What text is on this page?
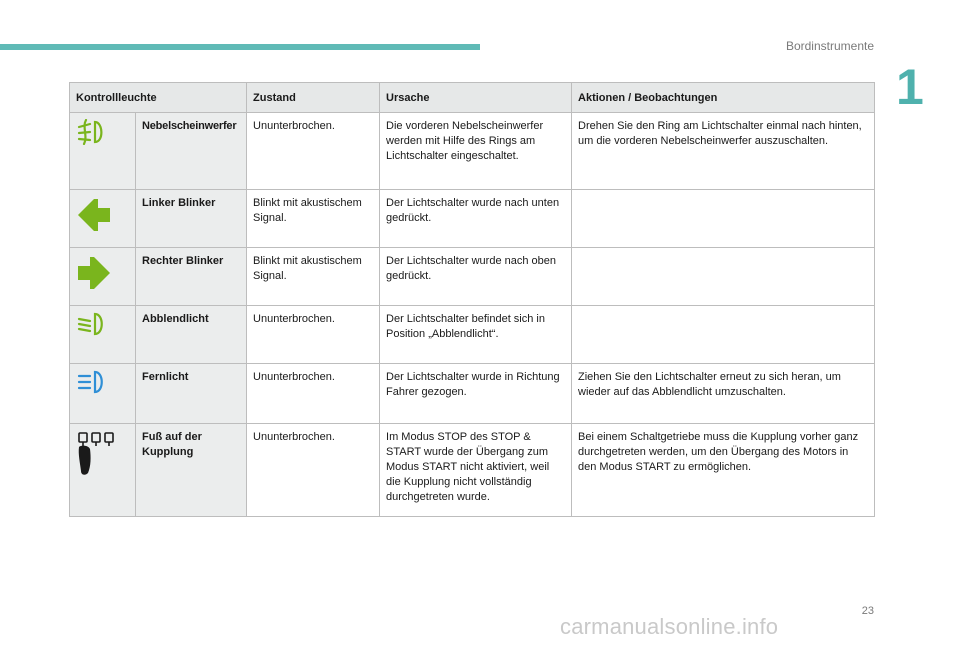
Bordinstrumente
1
Kontrollleuchte		Zustand	Ursache	Aktionen / Beobachtungen
	Nebelscheinwerfer	Ununterbrochen.	Die vorderen Nebelscheinwerfer werden mit Hilfe des Rings am Lichtschalter eingeschaltet.	Drehen Sie den Ring am Lichtschalter einmal nach hinten, um die vorderen Nebelscheinwerfer auszuschalten.
	Linker Blinker	Blinkt mit akustischem Signal.	Der Lichtschalter wurde nach unten gedrückt.	
	Rechter Blinker	Blinkt mit akustischem Signal.	Der Lichtschalter wurde nach oben gedrückt.	
	Abblendlicht	Ununterbrochen.	Der Lichtschalter befindet sich in Position „Abblendlicht“.	
	Fernlicht	Ununterbrochen.	Der Lichtschalter wurde in Richtung Fahrer gezogen.	Ziehen Sie den Lichtschalter erneut zu sich heran, um wieder auf das Abblendlicht umzuschalten.
	Fuß auf der Kupplung	Ununterbrochen.	Im Modus STOP des STOP & START wurde der Übergang zum Modus START nicht aktiviert, weil die Kupplung nicht vollständig durchgetreten wurde.	Bei einem Schaltgetriebe muss die Kupplung vorher ganz durchgetreten werden, um den Übergang des Motors in den Modus START zu ermöglichen.
23
carmanualsonline.info
